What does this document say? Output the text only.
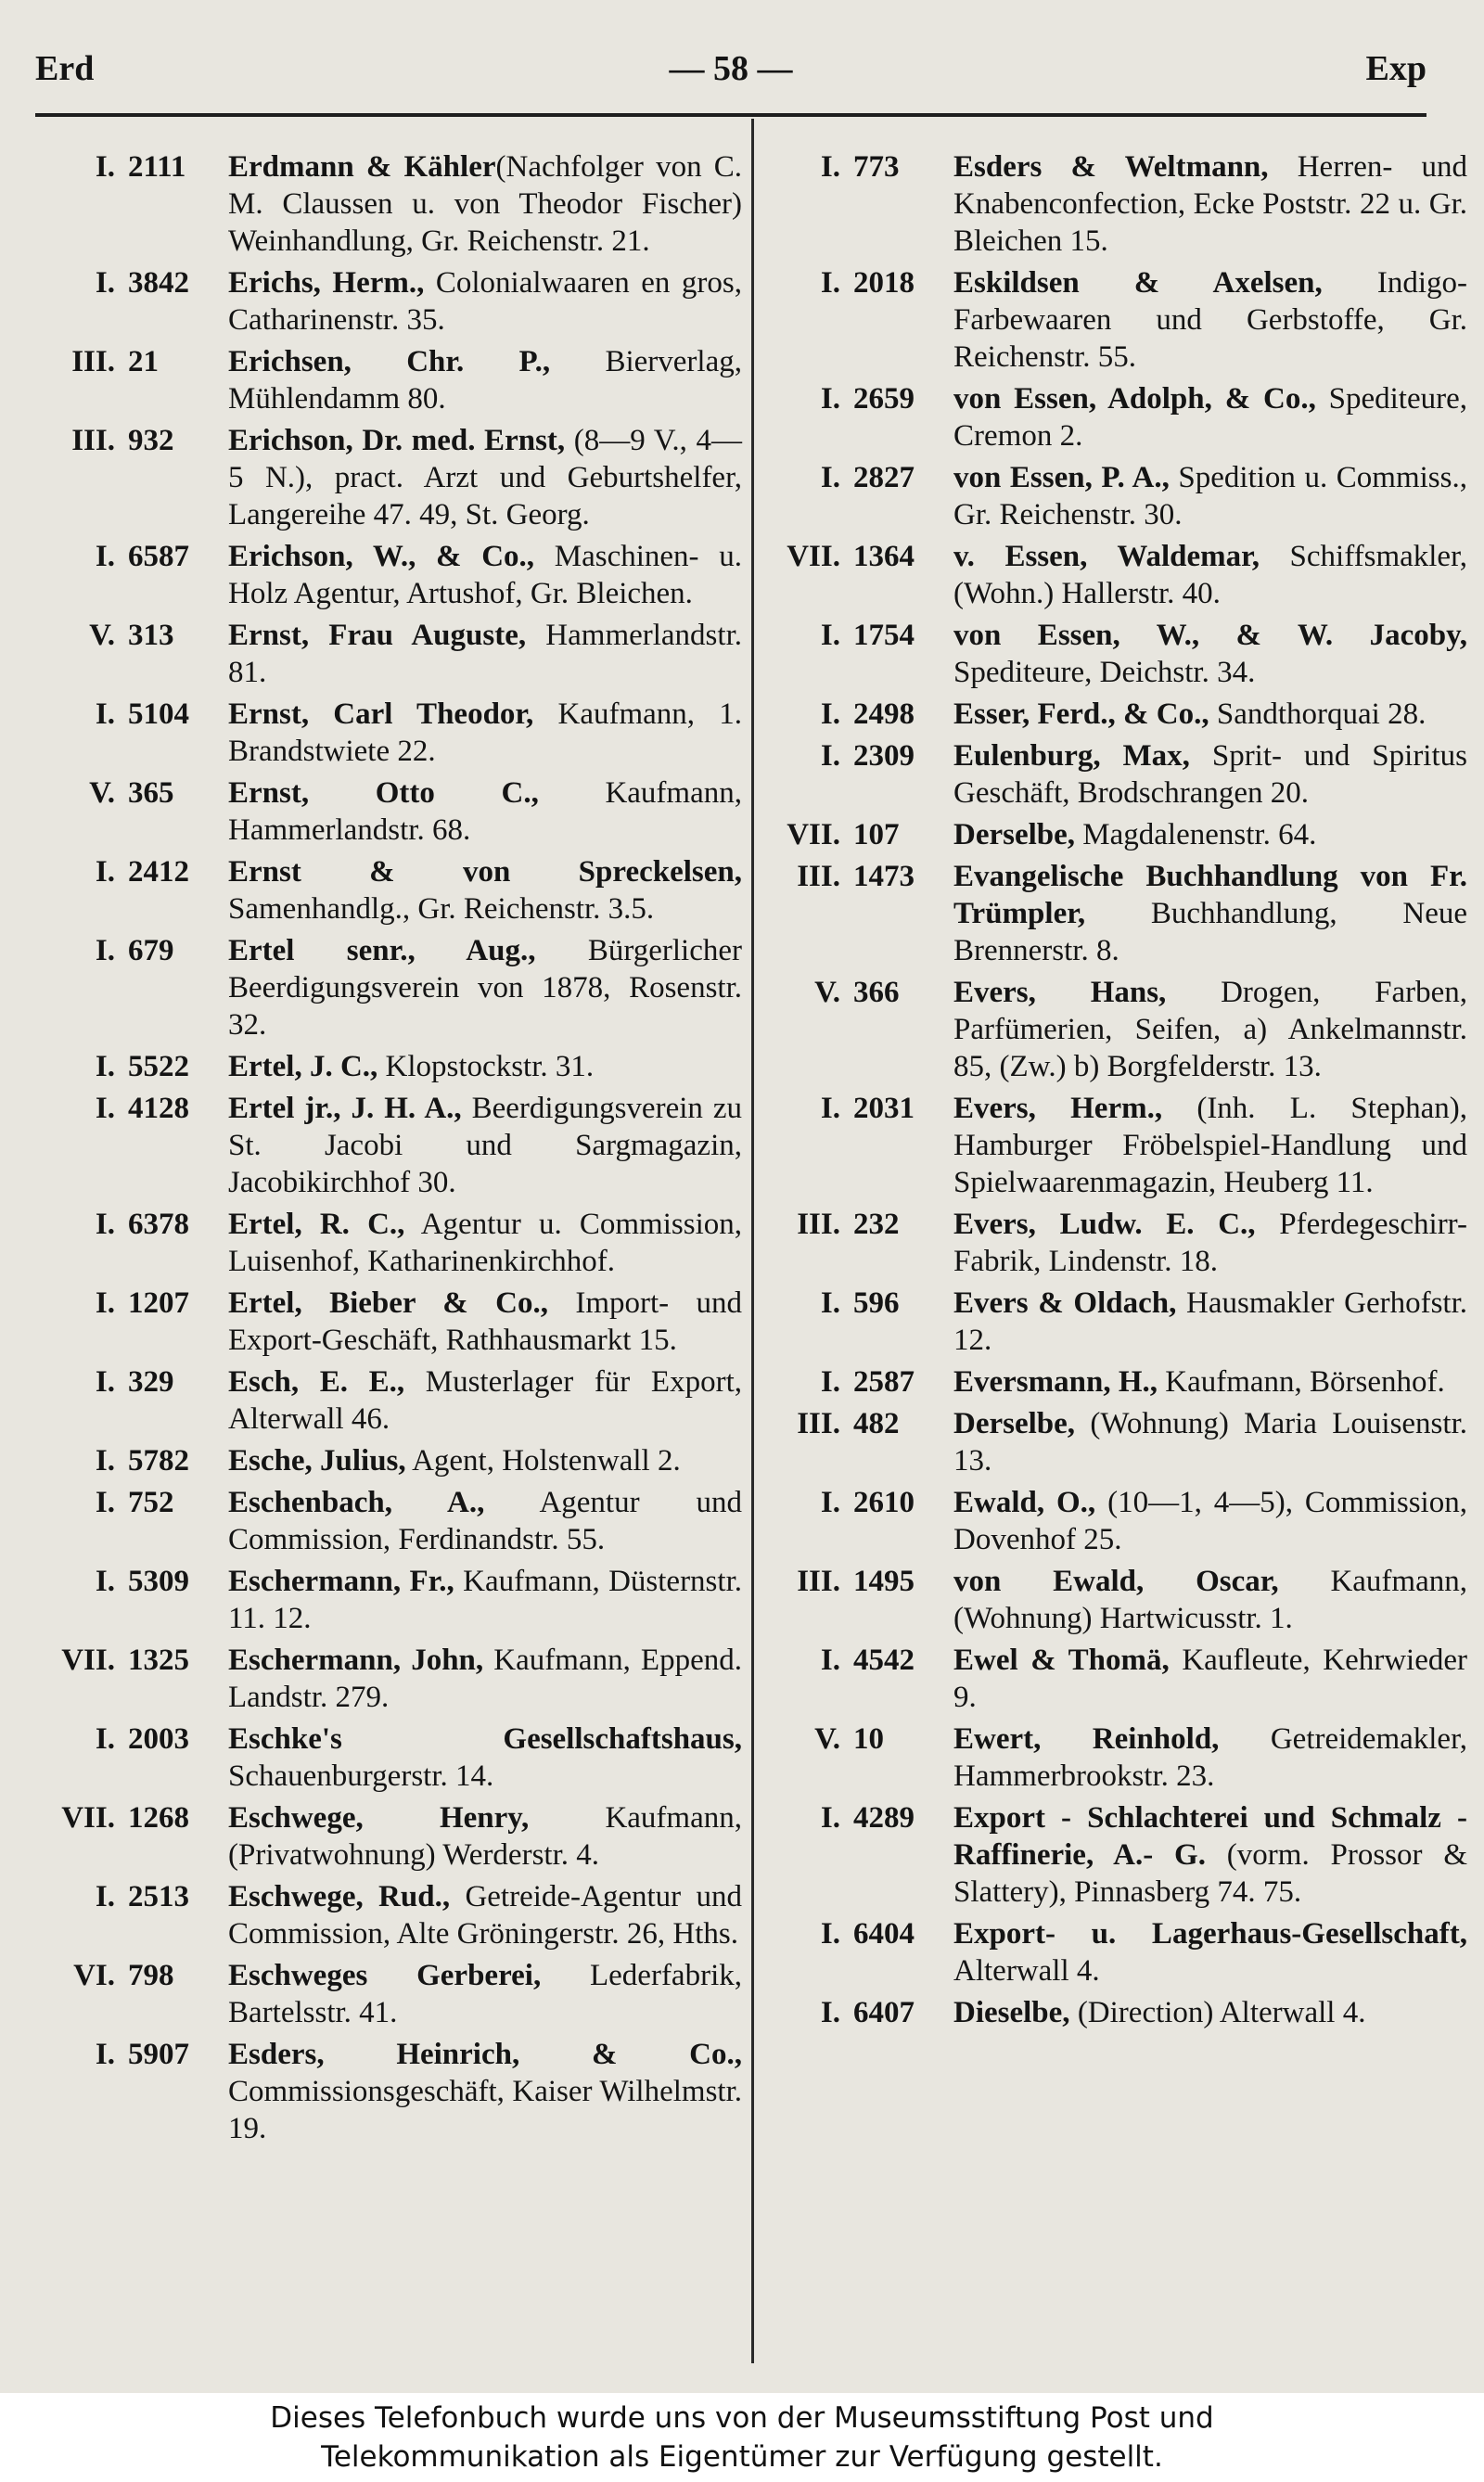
Erd	— 58 —	Exp
I. 2111	Erdmann & Kähler(Nachfolger von C. M. Claussen u. von Theodor Fischer) Weinhandlung, Gr. Reichenstr. 21.
I. 3842	Erichs, Herm., Colonialwaaren en gros, Catharinenstr. 35.
III. 21	Erichsen, Chr. P., Bierverlag, Mühlendamm 80.
III. 932	Erichson, Dr. med. Ernst, (8—9 V., 4—5 N.), pract. Arzt und Geburtshelfer, Langereihe 47. 49, St. Georg.
I. 6587	Erichson, W., & Co., Maschinen- u. Holz Agentur, Artushof, Gr. Bleichen.
V. 313	Ernst, Frau Auguste, Hammerlandstr. 81.
I. 5104	Ernst, Carl Theodor, Kaufmann, 1. Brandstwiete 22.
V. 365	Ernst, Otto C., Kaufmann, Hammerlandstr. 68.
I. 2412	Ernst & von Spreckelsen, Samenhandlg., Gr. Reichenstr. 3.5.
I. 679	Ertel senr., Aug., Bürgerlicher Beerdigungsverein von 1878, Rosenstr. 32.
I. 5522	Ertel, J. C., Klopstockstr. 31.
I. 4128	Ertel jr., J. H. A., Beerdigungsverein zu St. Jacobi und Sargmagazin, Jacobikirchhof 30.
I. 6378	Ertel, R. C., Agentur u. Commission, Luisenhof, Katharinenkirchhof.
I. 1207	Ertel, Bieber & Co., Import- und Export-Geschäft, Rathhausmarkt 15.
I. 329	Esch, E. E., Musterlager für Export, Alterwall 46.
I. 5782	Esche, Julius, Agent, Holstenwall 2.
I. 752	Eschenbach, A., Agentur und Commission, Ferdinandstr. 55.
I. 5309	Eschermann, Fr., Kaufmann, Düsternstr. 11. 12.
VII. 1325	Eschermann, John, Kaufmann, Eppend. Landstr. 279.
I. 2003	Eschke's Gesellschaftshaus, Schauenburgerstr. 14.
VII. 1268	Eschwege, Henry, Kaufmann, (Privatwohnung) Werderstr. 4.
I. 2513	Eschwege, Rud., Getreide-Agentur und Commission, Alte Gröningerstr. 26, Hths.
VI. 798	Eschweges Gerberei, Lederfabrik, Bartelsstr. 41.
I. 5907	Esders, Heinrich, & Co., Commissionsgeschäft, Kaiser Wilhelmstr. 19.
I. 773	Esders & Weltmann, Herren- und Knabenconfection, Ecke Poststr. 22 u. Gr. Bleichen 15.
I. 2018	Eskildsen & Axelsen, Indigo-Farbewaaren und Gerbstoffe, Gr. Reichenstr. 55.
I. 2659	von Essen, Adolph, & Co., Spediteure, Cremon 2.
I. 2827	von Essen, P. A., Spedition u. Commiss., Gr. Reichenstr. 30.
VII. 1364	v. Essen, Waldemar, Schiffsmakler, (Wohn.) Hallerstr. 40.
I. 1754	von Essen, W., & W. Jacoby, Spediteure, Deichstr. 34.
I. 2498	Esser, Ferd., & Co., Sandthorquai 28.
I. 2309	Eulenburg, Max, Sprit- und Spiritus Geschäft, Brodschrangen 20.
VII. 107	Derselbe, Magdalenenstr. 64.
III. 1473	Evangelische Buchhandlung von Fr. Trümpler, Buchhandlung, Neue Brennerstr. 8.
V. 366	Evers, Hans, Drogen, Farben, Parfümerien, Seifen, a) Ankelmannstr. 85, (Zw.) b) Borgfelderstr. 13.
I. 2031	Evers, Herm., (Inh. L. Stephan), Hamburger Fröbelspiel-Handlung und Spielwaarenmagazin, Heuberg 11.
III. 232	Evers, Ludw. E. C., Pferdegeschirr-Fabrik, Lindenstr. 18.
I. 596	Evers & Oldach, Hausmakler Gerhofstr. 12.
I. 2587	Eversmann, H., Kaufmann, Börsenhof.
III. 482	Derselbe, (Wohnung) Maria Louisenstr. 13.
I. 2610	Ewald, O., (10—1, 4—5), Commission, Dovenhof 25.
III. 1495	von Ewald, Oscar, Kaufmann, (Wohnung) Hartwicusstr. 1.
I. 4542	Ewel & Thomä, Kaufleute, Kehrwieder 9.
V. 10	Ewert, Reinhold, Getreidemakler, Hammerbrookstr. 23.
I. 4289	Export - Schlachterei und Schmalz - Raffinerie, A.- G. (vorm. Prossor & Slattery), Pinnasberg 74. 75.
I. 6404	Export- u. Lagerhaus-Gesellschaft, Alterwall 4.
I. 6407	Dieselbe, (Direction) Alterwall 4.
Dieses Telefonbuch wurde uns von der Museumsstiftung Post und
Telekommunikation als Eigentümer zur Verfügung gestellt.
